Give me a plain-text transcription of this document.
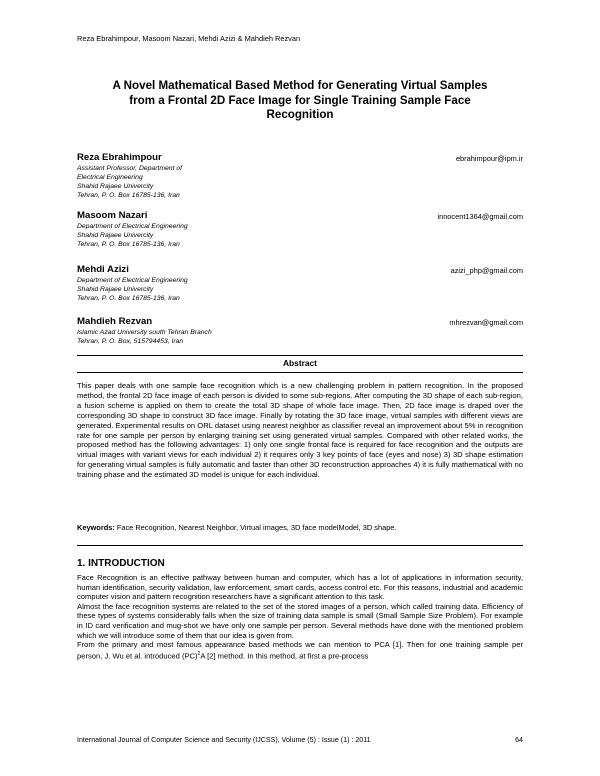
Reza Ebrahimpour, Masoom Nazari, Mehdi Azizi & Mahdieh Rezvan
A Novel Mathematical Based Method for Generating Virtual Samples
from a Frontal 2D Face Image for Single Training Sample Face
Recognition
Reza Ebrahimpour	ebrahimpour@ipm.ir
Assistant Professor, Department of
Electrical Engineering
Shahid Rajaee Univercity
Tehran, P. O. Box 16785-136, Iran
Masoom Nazari	innocent1364@gmail.com
Department of Electrical Engineering
Shahid Rajaee Univercity
Tehran, P. O. Box 16785-136, Iran
Mehdi Azizi	azizi_php@gmail.com
Department of Electrical Engineering
Shahid Rajaee Univercity
Tehran, P. O. Box 16785-136, Iran
Mahdieh Rezvan	mhrezvan@gmail.com
Islamic Azad University south Tehran Branch
Tehran, P. O. Box, 515794453, Iran
Abstract
This paper deals with one sample face recognition which is a new challenging problem in pattern recognition. In the proposed method, the frontal 2D face image of each person is divided to some sub-regions. After computing the 3D shape of each sub-region, a fusion scheme is applied on them to create the total 3D shape of whole face image. Then, 2D face image is draped over the corresponding 3D shape to construct 3D face image. Finally by rotating the 3D face image, virtual samples with different views are generated. Experimental results on ORL dataset using nearest neighbor as classifier reveal an improvement about 5% in recognition rate for one sample per person by enlarging training set using generated virtual samples. Compared with other related works, the proposed method has the following advantages: 1) only one single frontal face is required for face recognition and the outputs are virtual images with variant views for each individual 2) it requires only 3 key points of face (eyes and nose) 3) 3D shape estimation for generating virtual samples is fully automatic and faster than other 3D reconstruction approaches 4) it is fully mathematical with no training phase and the estimated 3D model is unique for each individual.
Keywords: Face Recognition, Nearest Neighbor, Virtual images, 3D face modelModel, 3D shape.
1. INTRODUCTION

Face Recognition is an effective pathway between human and computer, which has a lot of applications in information security, human identification, security validation, law enforcement, smart cards, access control etc. For this reasons, industrial and academic computer vision and pattern recognition researchers have a significant attention to this task.

Almost the face recognition systems are related to the set of the stored images of a person, which called training data. Efficiency of these types of systems considerably falls when the size of training data sample is small (Small Sample Size Problem). For example in ID card verification and mug-shot we have only one sample per person. Several methods have done with the mentioned problem which we will introduce some of them that our idea is given from.

From the primary and most famous appearance based methods we can mention to PCA [1]. Then for one training sample per person, J. Wu et al. introduced (PC)$^2$A [2] method. In this method, at first a pre-process

International Journal of Computer Science and Security (IJCSS), Volume (5) : Issue (1) : 2011	64
